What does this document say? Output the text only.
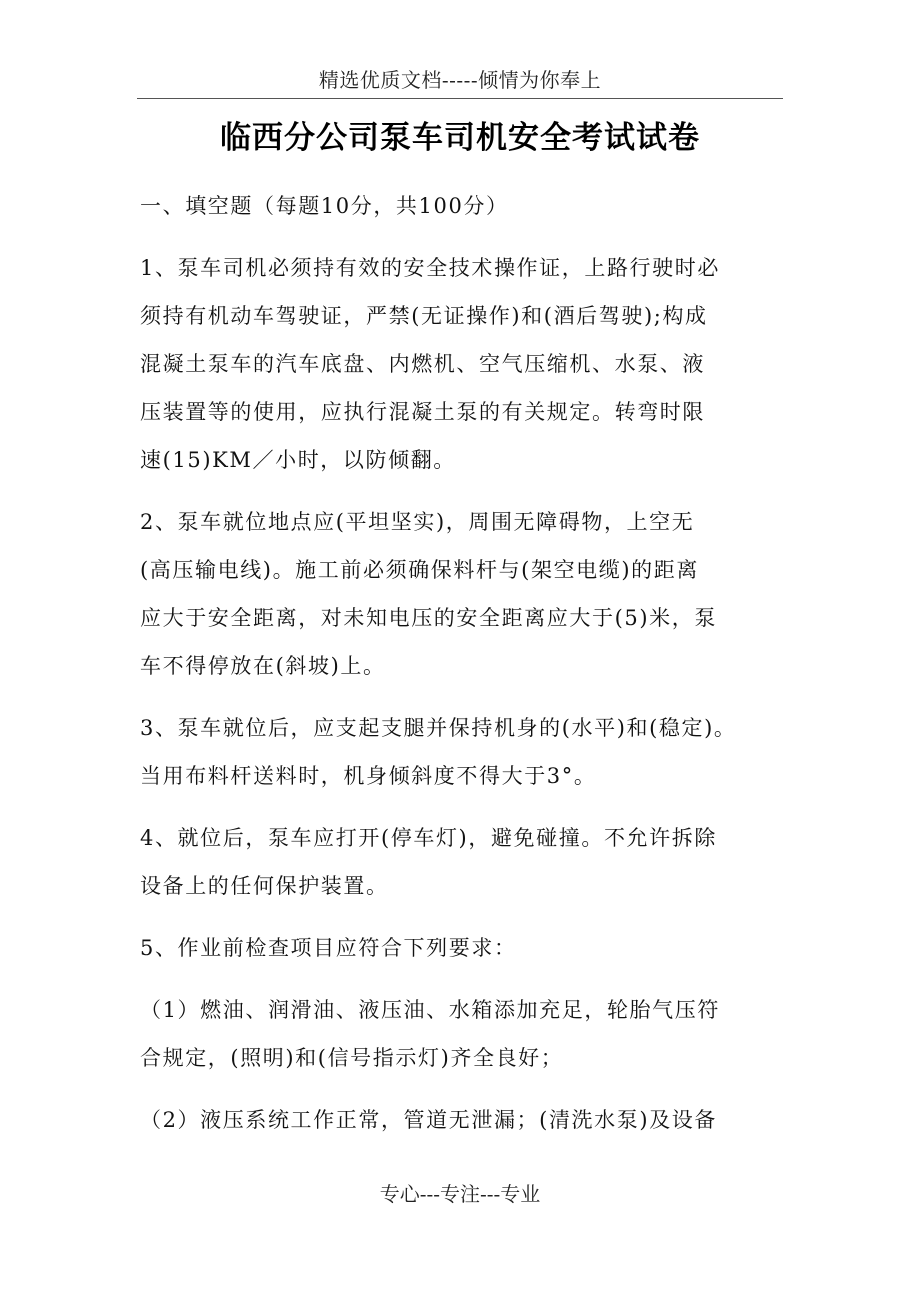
精选优质文档-----倾情为你奉上
临西分公司泵车司机安全考试试卷

一、填空题（每题10分，共100分）

1、泵车司机必须持有效的安全技术操作证，上路行驶时必
须持有机动车驾驶证，严禁(无证操作)和(酒后驾驶);构成
混凝土泵车的汽车底盘、内燃机、空气压缩机、水泵、液
压装置等的使用，应执行混凝土泵的有关规定。转弯时限
速(15)KM／小时，以防倾翻。

2、泵车就位地点应(平坦坚实)，周围无障碍物，上空无
(高压输电线)。施工前必须确保料杆与(架空电缆)的距离
应大于安全距离，对未知电压的安全距离应大于(5)米，泵
车不得停放在(斜坡)上。

3、泵车就位后，应支起支腿并保持机身的(水平)和(稳定)。
当用布料杆送料时，机身倾斜度不得大于3°。

4、就位后，泵车应打开(停车灯)，避免碰撞。不允许拆除
设备上的任何保护装置。

5、作业前检查项目应符合下列要求：

（1）燃油、润滑油、液压油、水箱添加充足，轮胎气压符
合规定，(照明)和(信号指示灯)齐全良好；

（2）液压系统工作正常，管道无泄漏；(清洗水泵)及设备

专心---专注---专业
